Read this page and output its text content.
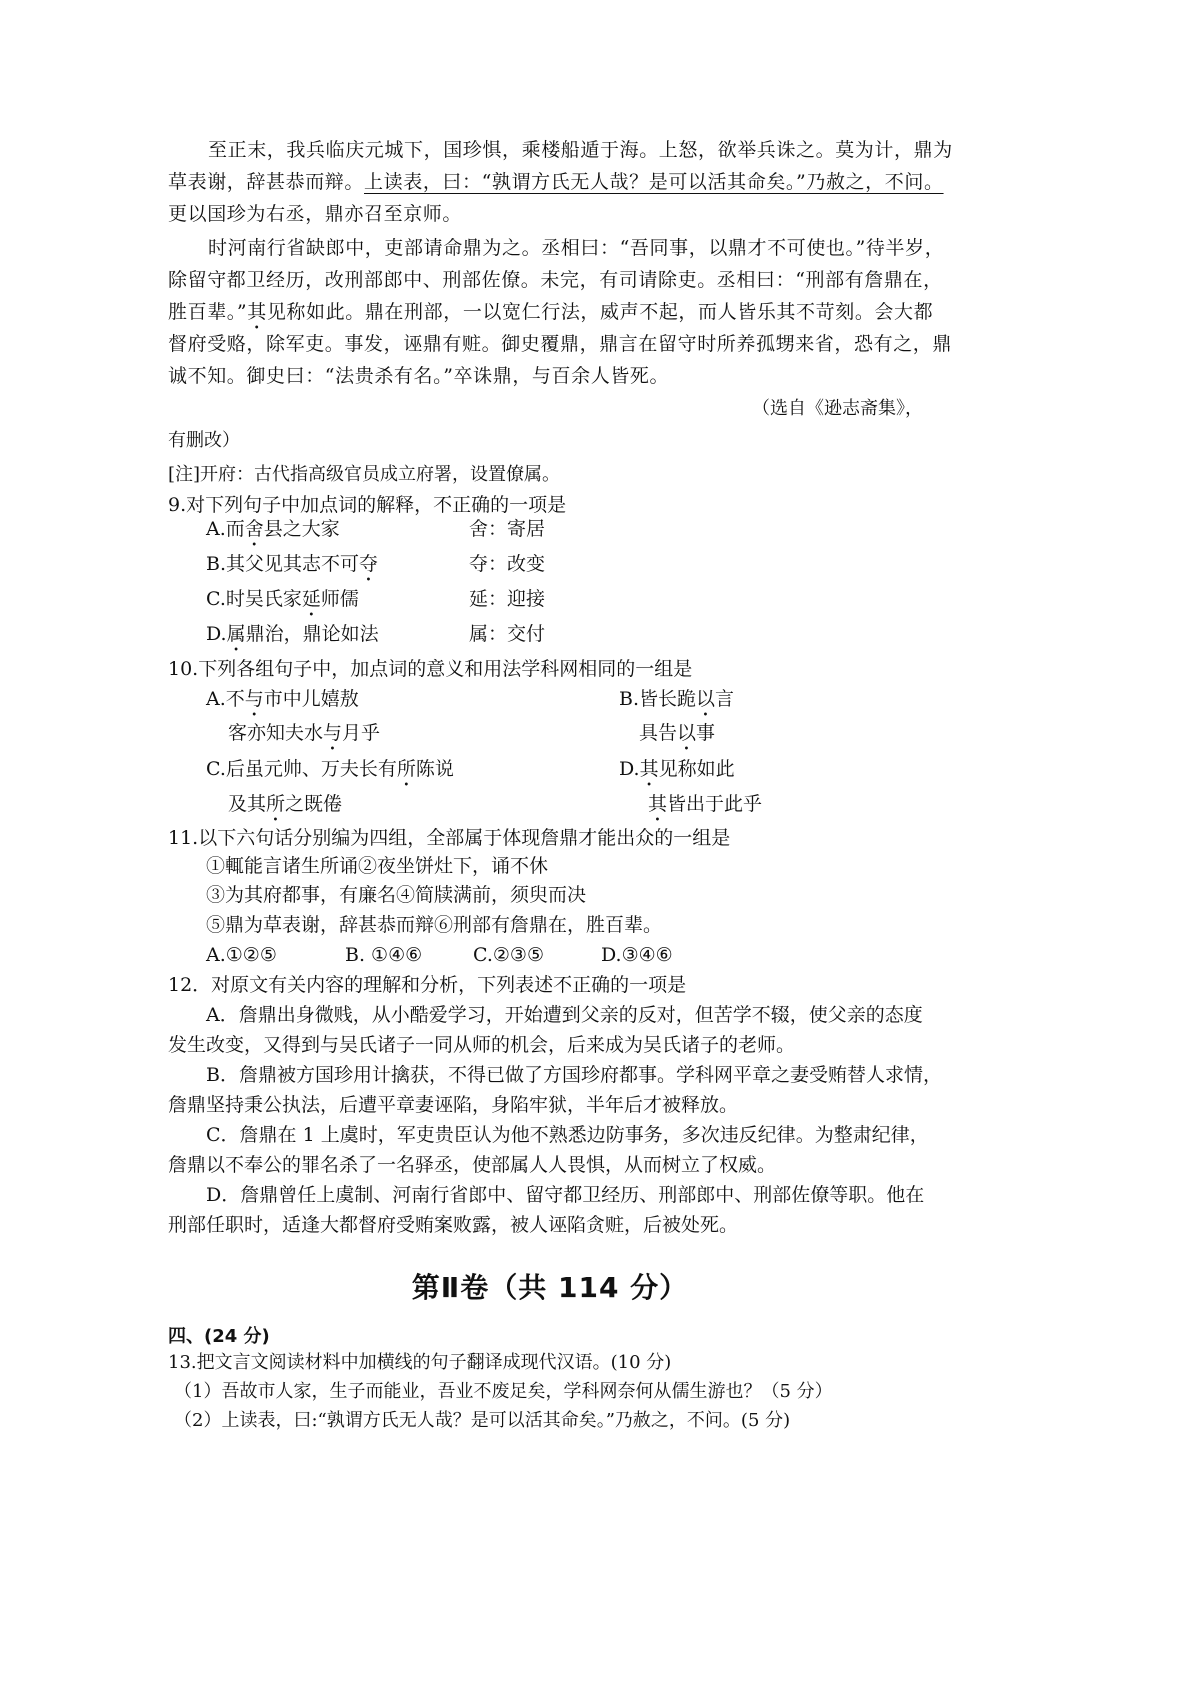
至正末，我兵临庆元城下，国珍惧，乘楼船遁于海。上怒，欲举兵诛之。莫为计，鼎为
草表谢，辞甚恭而辩。上读表，曰：“孰谓方氏无人哉？是可以活其命矣。”乃赦之，不问。
更以国珍为右丞，鼎亦召至京师。
时河南行省缺郎中，吏部请命鼎为之。丞相曰：“吾同事，以鼎才不可使也。”待半岁，
除留守都卫经历，改刑部郎中、刑部佐僚。未完，有司请除吏。丞相曰：“刑部有詹鼎在，
胜百辈。”其见称如此。鼎在刑部，一以宽仁行法，威声不起，而人皆乐其不苛刻。会大都
督府受赂，除军吏。事发，诬鼎有赃。御史覆鼎，鼎言在留守时所养孤甥来省，恐有之，鼎
诚不知。御史曰：“法贵杀有名。”卒诛鼎，与百余人皆死。
（选自《逊志斋集》，
有删改）
[注]开府：古代指高级官员成立府署，设置僚属。
9.对下列句子中加点词的解释，不正确的一项是
A.而舍县之大家	舍：寄居
B.其父见其志不可夺	夺：改变
C.时吴氏家延师儒	延：迎接
D.属鼎治，鼎论如法	属：交付
10.下列各组句子中，加点词的意义和用法学科网相同的一组是
A.不与市中儿嬉敖	B.皆长跪以言
客亦知夫水与月乎	具告以事
C.后虽元帅、万夫长有所陈说	D.其见称如此
及其所之既倦	其皆出于此乎
11.以下六句话分别编为四组，全部属于体现詹鼎才能出众的一组是
①輒能言诸生所诵②夜坐饼灶下，诵不休
③为其府都事，有廉名④简牍满前，须臾而决
⑤鼎为草表谢，辞甚恭而辩⑥刑部有詹鼎在，胜百辈。
A.①②⑤	B. ①④⑥	C.②③⑤	D.③④⑥
12．对原文有关内容的理解和分析，下列表述不正确的一项是
A．詹鼎出身微贱，从小酷爱学习，开始遭到父亲的反对，但苦学不辍，使父亲的态度
发生改变，又得到与吴氏诸子一同从师的机会，后来成为吴氏诸子的老师。
B．詹鼎被方国珍用计擒获，不得已做了方国珍府都事。学科网平章之妻受贿替人求情，
詹鼎坚持秉公执法，后遭平章妻诬陷，身陷牢狱，半年后才被释放。
C．詹鼎在 1 上虞时，军吏贵臣认为他不熟悉边防事务，多次违反纪律。为整肃纪律，
詹鼎以不奉公的罪名杀了一名驿丞，使部属人人畏惧，从而树立了权威。
D．詹鼎曾任上虞制、河南行省郎中、留守都卫经历、刑部郎中、刑部佐僚等职。他在
刑部任职时，适逢大都督府受贿案败露，被人诬陷贪赃，后被处死。
第Ⅱ卷（共 114 分）
四、(24 分)
13.把文言文阅读材料中加横线的句子翻译成现代汉语。(10 分)
（1）吾故市人家，生子而能业，吾业不废足矣，学科网奈何从儒生游也？（5 分）
（2）上读表，曰:“孰谓方氏无人哉？是可以活其命矣。”乃赦之，不问。(5 分)
